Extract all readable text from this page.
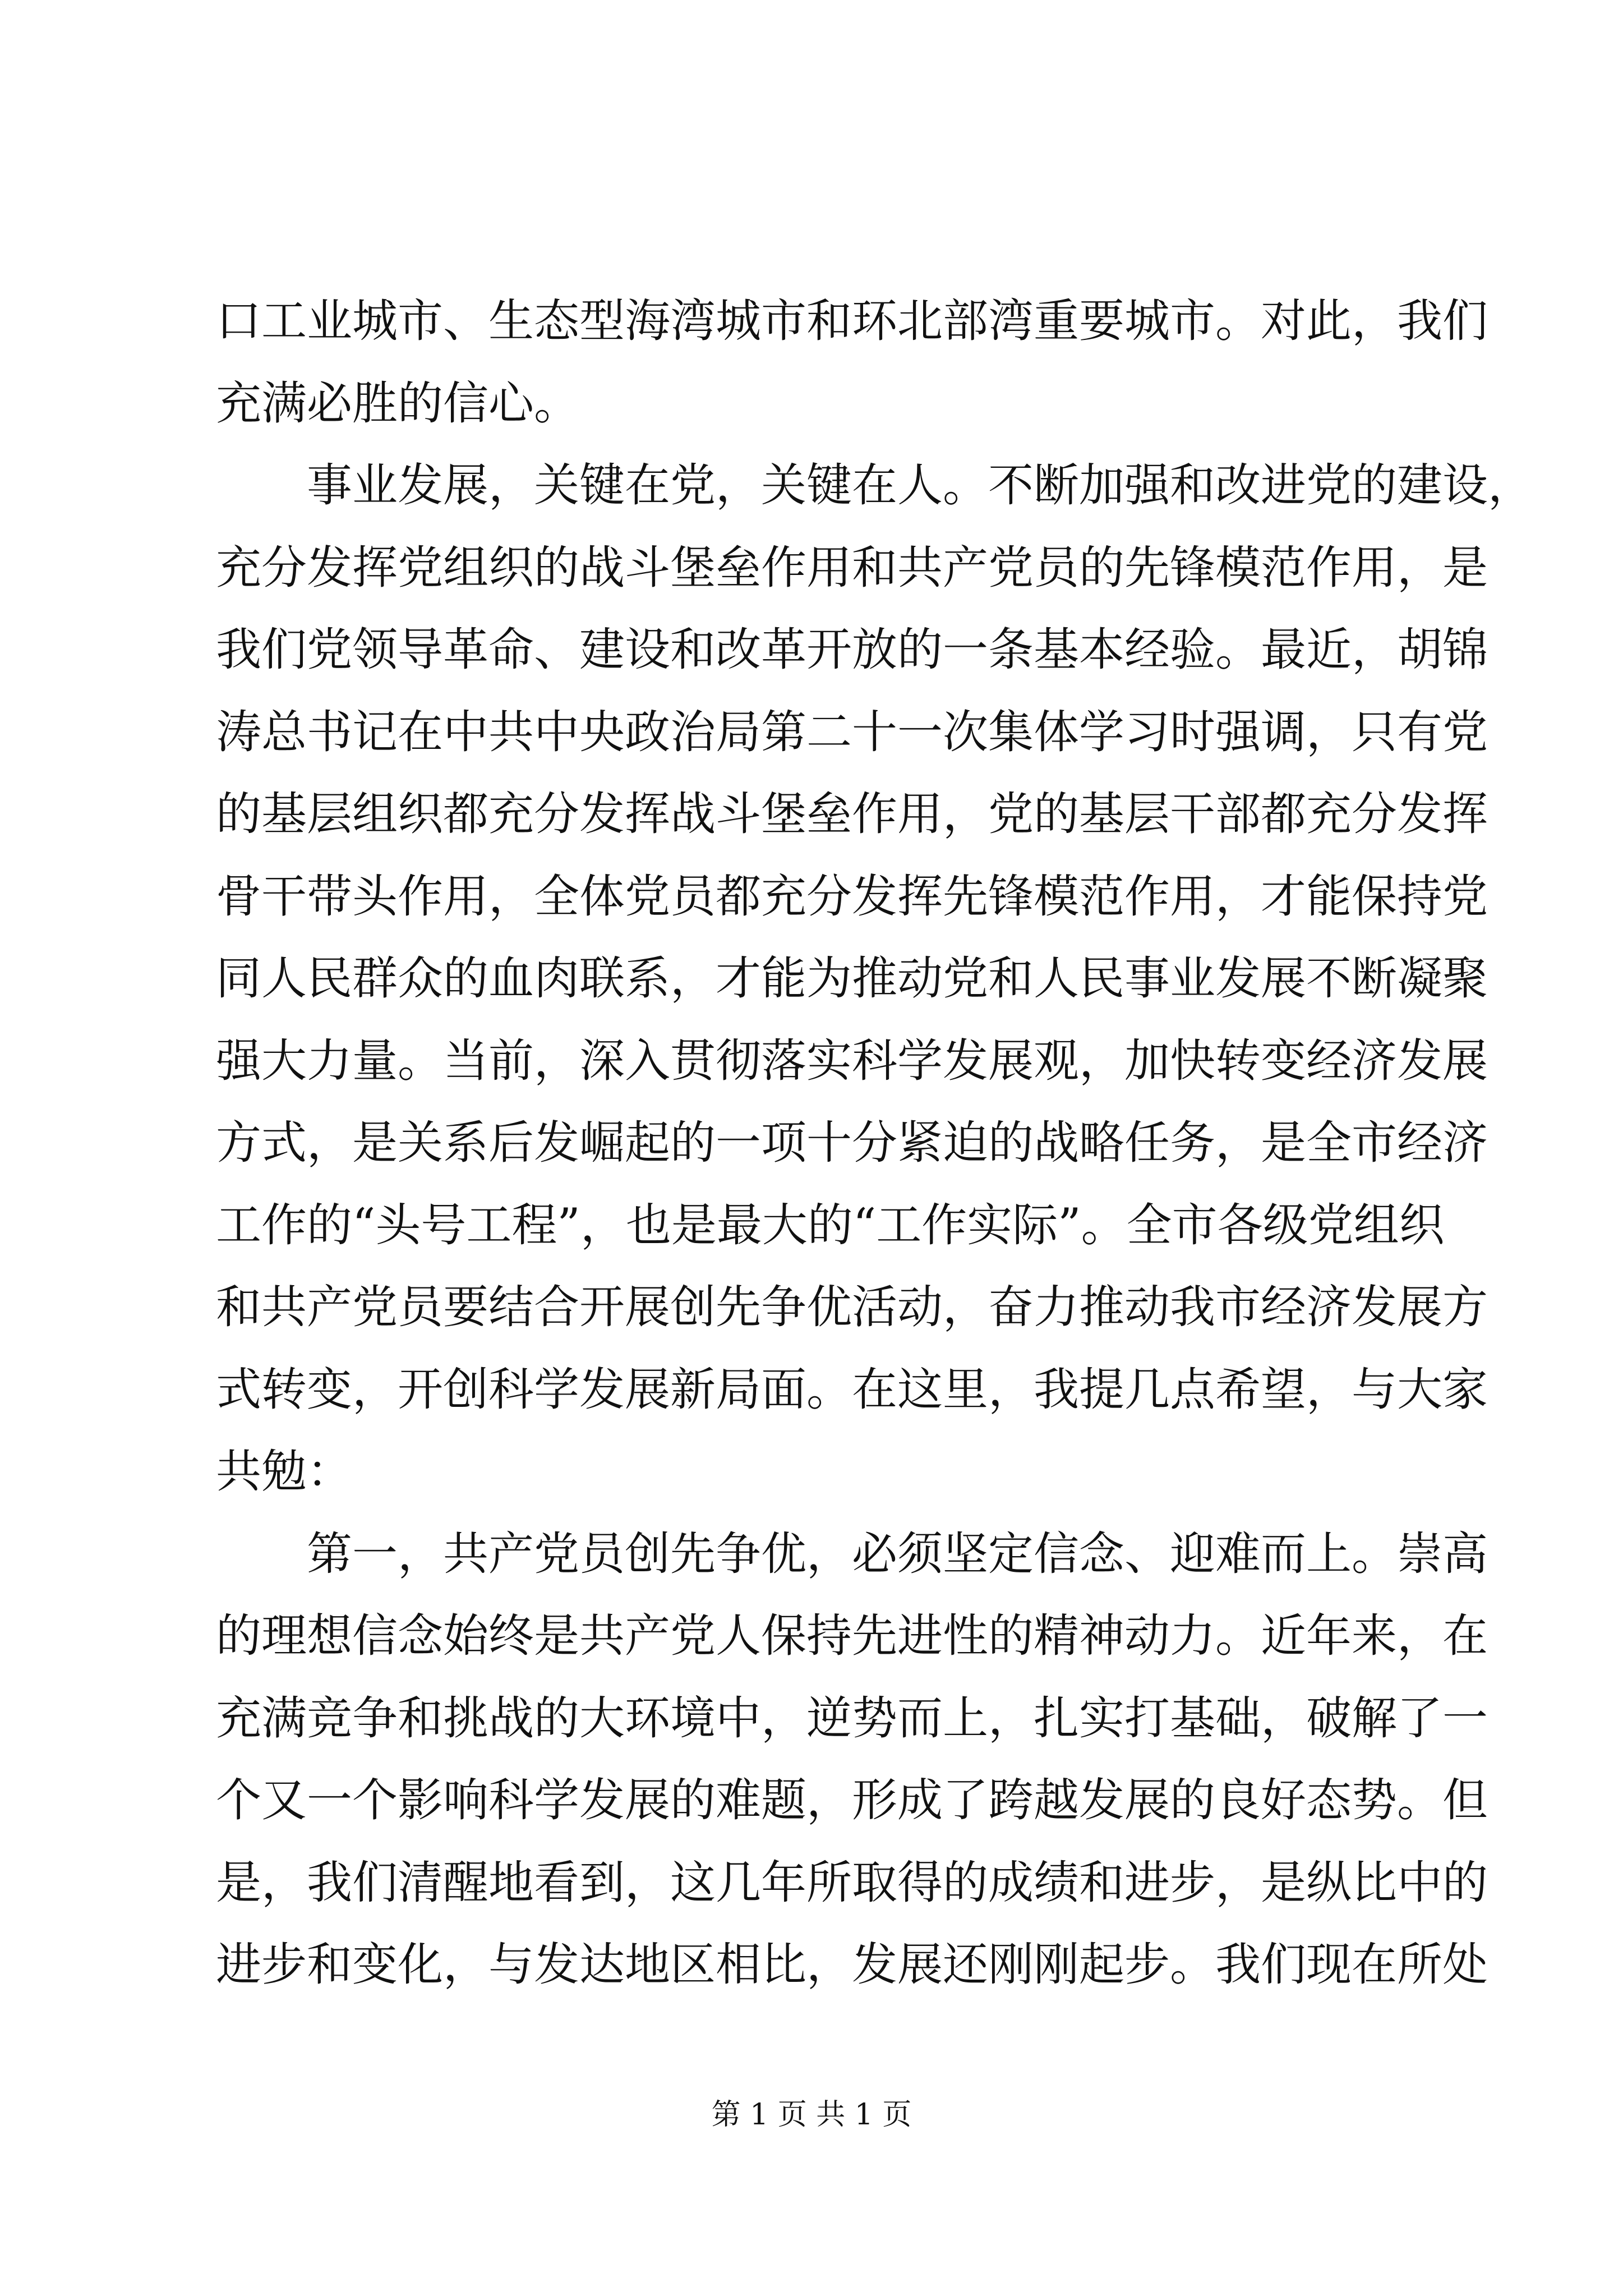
口工业城市、生态型海湾城市和环北部湾重要城市。对此，我们
充满必胜的信心。
事业发展，关键在党，关键在人。不断加强和改进党的建设，
充分发挥党组织的战斗堡垒作用和共产党员的先锋模范作用，是
我们党领导革命、建设和改革开放的一条基本经验。最近，胡锦
涛总书记在中共中央政治局第二十一次集体学习时强调，只有党
的基层组织都充分发挥战斗堡垒作用，党的基层干部都充分发挥
骨干带头作用，全体党员都充分发挥先锋模范作用，才能保持党
同人民群众的血肉联系，才能为推动党和人民事业发展不断凝聚
强大力量。当前，深入贯彻落实科学发展观，加快转变经济发展
方式，是关系后发崛起的一项十分紧迫的战略任务，是全市经济
工作的“头号工程”，也是最大的“工作实际”。全市各级党组织
和共产党员要结合开展创先争优活动，奋力推动我市经济发展方
式转变，开创科学发展新局面。在这里，我提几点希望，与大家
共勉：
第一，共产党员创先争优，必须坚定信念、迎难而上。崇高
的理想信念始终是共产党人保持先进性的精神动力。近年来，在
充满竞争和挑战的大环境中，逆势而上，扎实打基础，破解了一
个又一个影响科学发展的难题，形成了跨越发展的良好态势。但
是，我们清醒地看到，这几年所取得的成绩和进步，是纵比中的
进步和变化，与发达地区相比，发展还刚刚起步。我们现在所处
第 1 页 共 1 页
